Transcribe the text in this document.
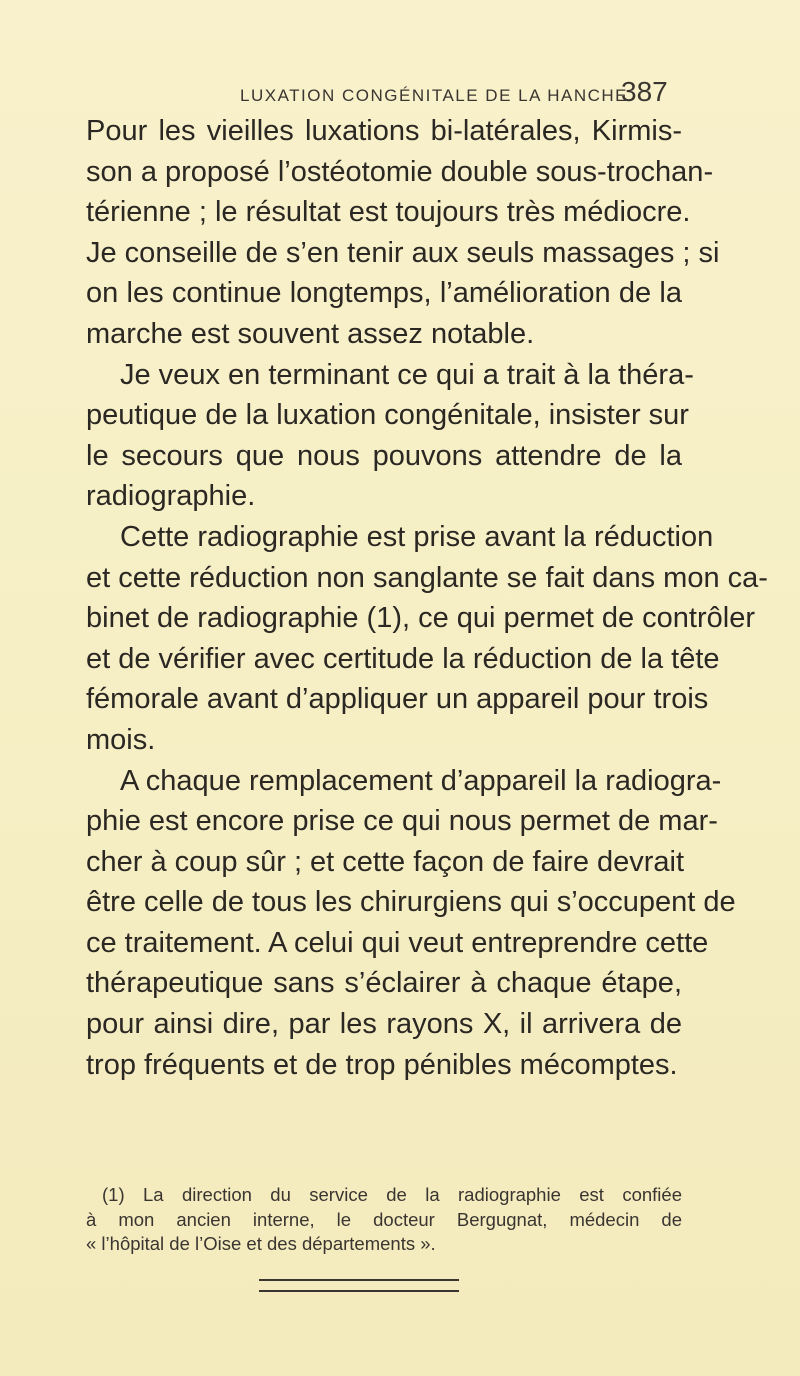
LUXATION CONGÉNITALE DE LA HANCHE
387

Pour les vieilles luxations bi-latérales, Kirmis-
son a proposé l’ostéotomie double sous-trochan-
térienne ; le résultat est toujours très médiocre.
Je conseille de s’en tenir aux seuls massages ; si
on les continue longtemps, l’amélioration de la
marche est souvent assez notable.

Je veux en terminant ce qui a trait à la théra-
peutique de la luxation congénitale, insister sur
le secours que nous pouvons attendre de la
radiographie.

Cette radiographie est prise avant la réduction
et cette réduction non sanglante se fait dans mon ca-
binet de radiographie (1), ce qui permet de contrôler
et de vérifier avec certitude la réduction de la tête
fémorale avant d’appliquer un appareil pour trois
mois.

A chaque remplacement d’appareil la radiogra-
phie est encore prise ce qui nous permet de mar-
cher à coup sûr ; et cette façon de faire devrait
être celle de tous les chirurgiens qui s’occupent de
ce traitement. A celui qui veut entreprendre cette
thérapeutique sans s’éclairer à chaque étape,
pour ainsi dire, par les rayons X, il arrivera de
trop fréquents et de trop pénibles mécomptes.

(1) La direction du service de la radiographie est confiée
à mon ancien interne, le docteur Bergugnat, médecin de
« l’hôpital de l’Oise et des départements ».
